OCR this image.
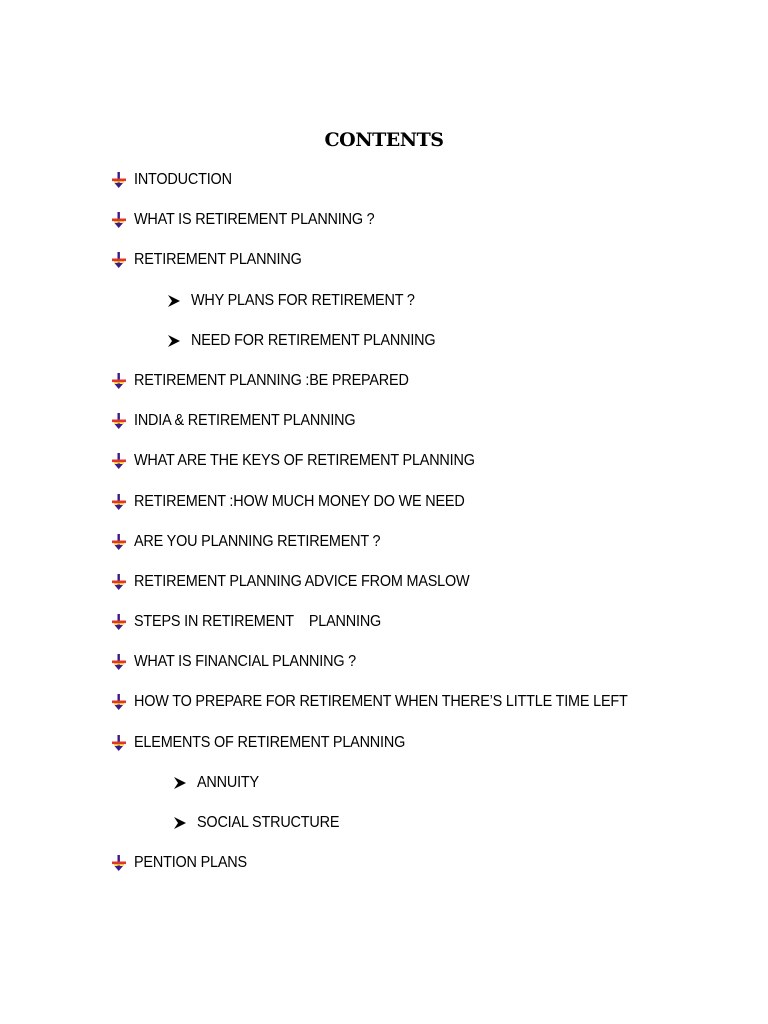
CONTENTS
INTODUCTION
WHAT IS RETIREMENT PLANNING ?
RETIREMENT PLANNING
WHY PLANS FOR RETIREMENT ?
NEED FOR RETIREMENT PLANNING
RETIREMENT PLANNING :BE PREPARED
INDIA & RETIREMENT PLANNING
WHAT ARE THE KEYS OF RETIREMENT PLANNING
RETIREMENT :HOW MUCH MONEY DO WE NEED
ARE YOU PLANNING RETIREMENT ?
RETIREMENT PLANNING ADVICE FROM MASLOW
STEPS IN RETIREMENT    PLANNING
WHAT IS FINANCIAL PLANNING ?
HOW TO PREPARE FOR RETIREMENT WHEN THERE’S LITTLE TIME LEFT
ELEMENTS OF RETIREMENT PLANNING
ANNUITY
SOCIAL STRUCTURE
PENTION PLANS
